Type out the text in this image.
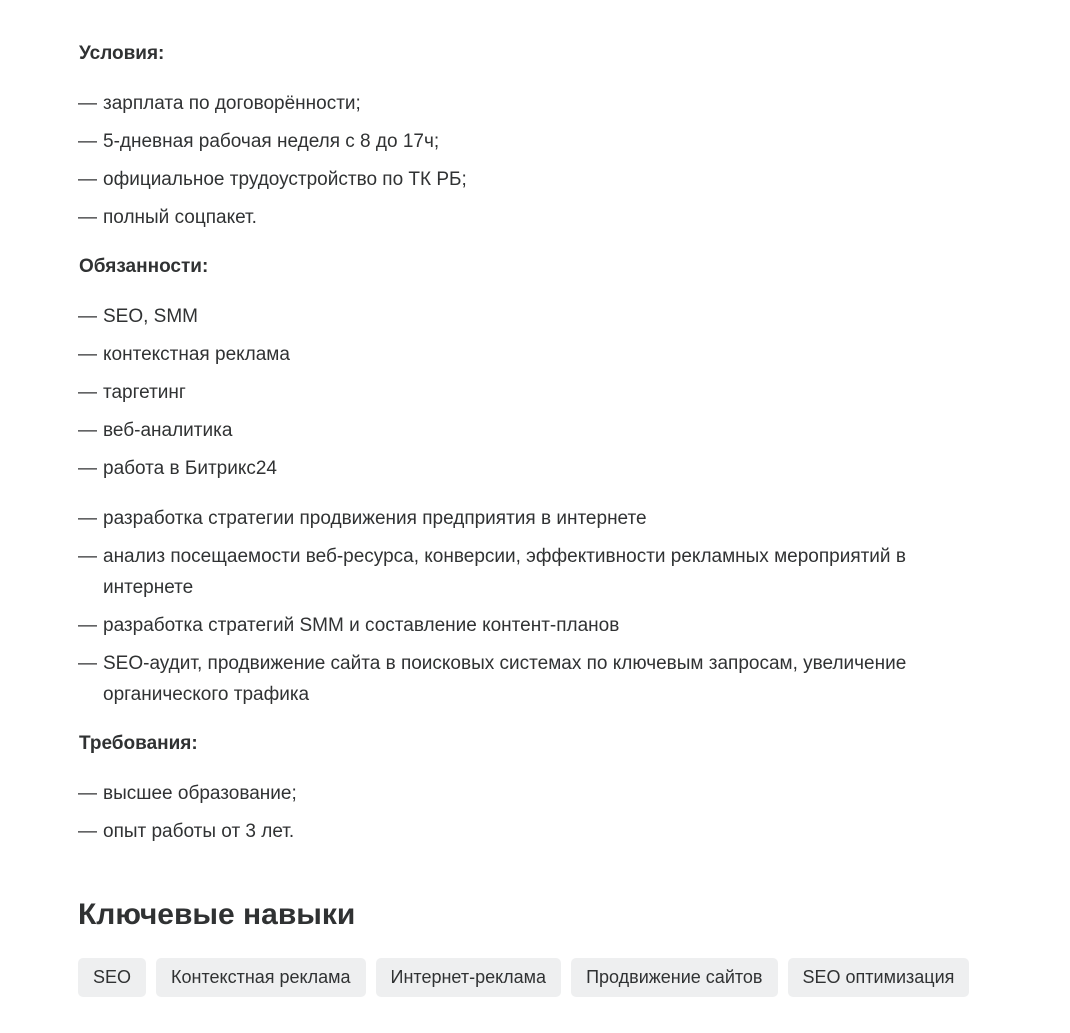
Условия:
— зарплата по договорённости;
— 5-дневная рабочая неделя с 8 до 17ч;
— официальное трудоустройство по ТК РБ;
— полный соцпакет.
Обязанности:
— SEO, SMM
— контекстная реклама
— таргетинг
— веб-аналитика
— работа в Битрикс24
— разработка стратегии продвижения предприятия в интернете
— анализ посещаемости веб-ресурса, конверсии, эффективности рекламных мероприятий в интернете
— разработка стратегий SMM и составление контент-планов
— SEO-аудит, продвижение сайта в поисковых системах по ключевым запросам, увеличение органического трафика
Требования:
— высшее образование;
— опыт работы от 3 лет.
Ключевые навыки
SEO	Контекстная реклама	Интернет-реклама	Продвижение сайтов	SEO оптимизация
